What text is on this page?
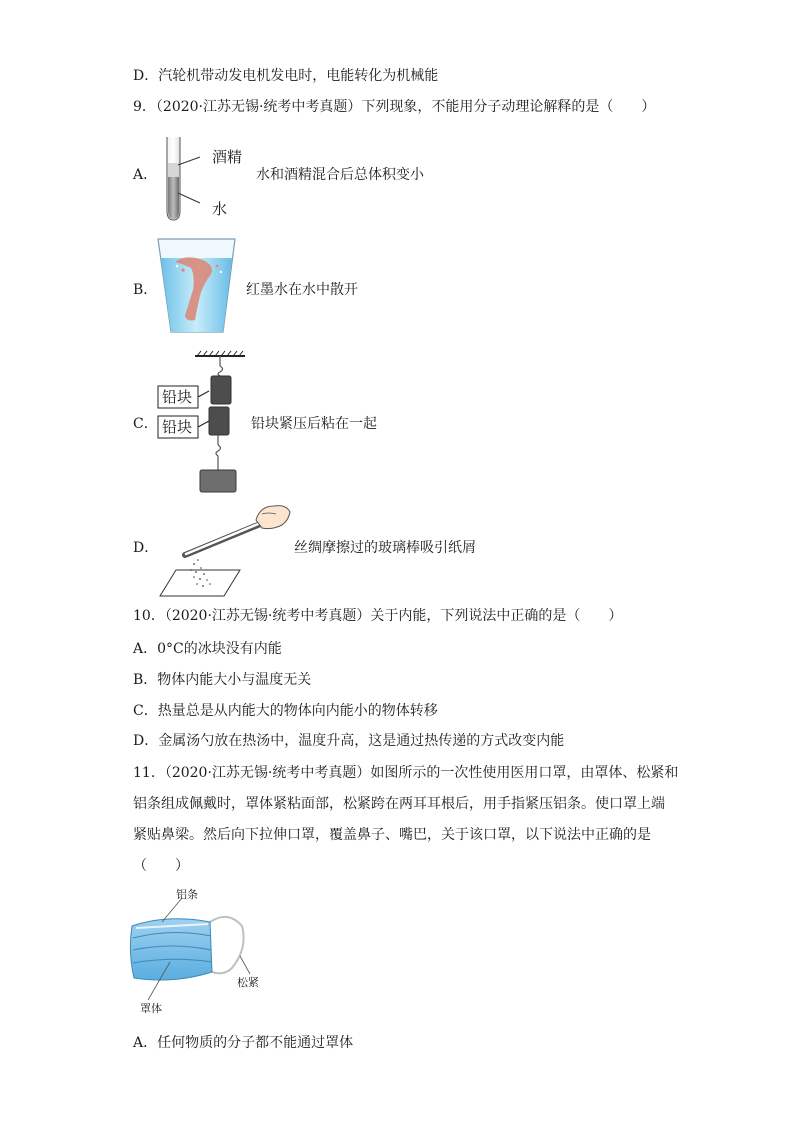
D．汽轮机带动发电机发电时，电能转化为机械能
9．（2020·江苏无锡·统考中考真题）下列现象，不能用分子动理论解释的是（　　）
A．
酒精
水
水和酒精混合后总体积变小
B．	红墨水在水中散开
C．
铅块
铅块	铅块紧压后粘在一起
D．	丝绸摩擦过的玻璃棒吸引纸屑
10．（2020·江苏无锡·统考中考真题）关于内能，下列说法中正确的是（　　）
A．0°C的冰块没有内能
B．物体内能大小与温度无关
C．热量总是从内能大的物体向内能小的物体转移
D．金属汤勺放在热汤中，温度升高，这是通过热传递的方式改变内能
11．（2020·江苏无锡·统考中考真题）如图所示的一次性使用医用口罩，由罩体、松紧和
铝条组成佩戴时，罩体紧粘面部，松紧跨在两耳耳根后，用手指紧压铝条。使口罩上端
紧贴鼻梁。然后向下拉伸口罩，覆盖鼻子、嘴巴，关于该口罩，以下说法中正确的是
（　　）
铝条
罩体
松紧
A．任何物质的分子都不能通过罩体
